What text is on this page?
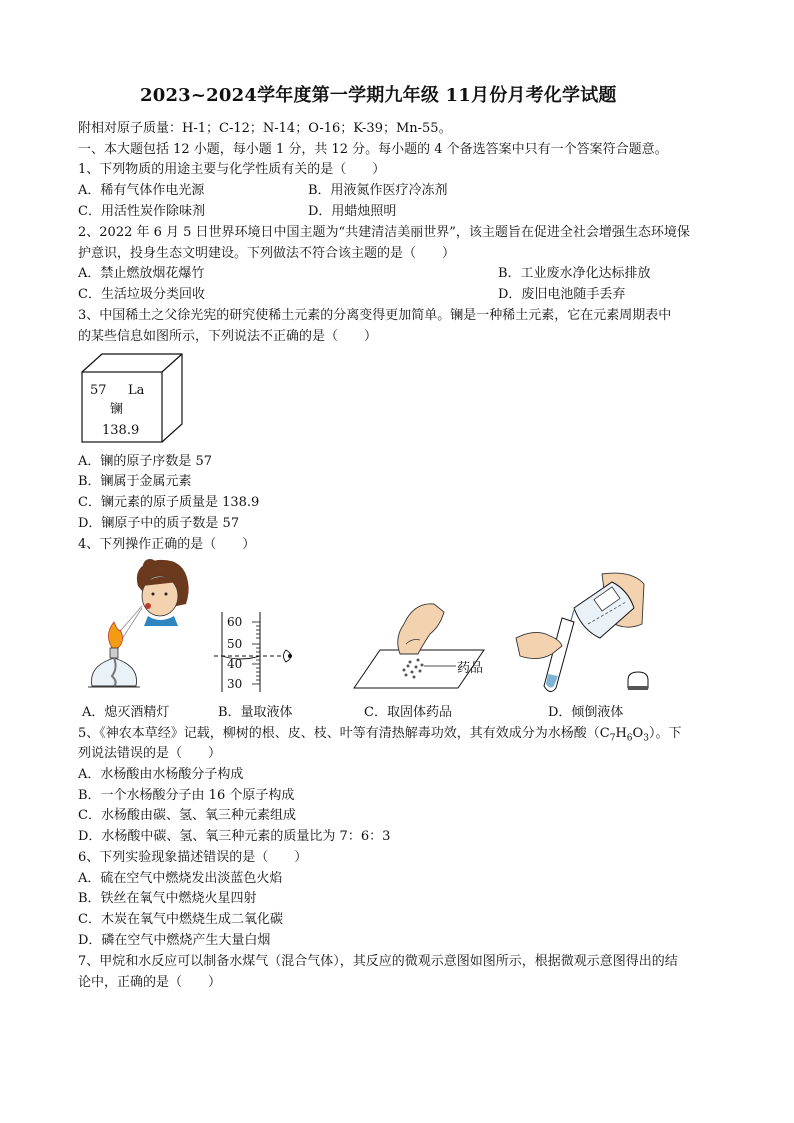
2023~2024学年度第一学期九年级 11月份月考化学试题
附相对原子质量：H-1；C-12；N-14；O-16；K-39；Mn-55。
一、本大题包括 12 小题，每小题 1 分，共 12 分。每小题的 4 个备选答案中只有一个答案符合题意。
1、下列物质的用途主要与化学性质有关的是（　　）
A．稀有气体作电光源	B．用液氮作医疗冷冻剂
C．用活性炭作除味剂	D．用蜡烛照明
2、2022 年 6 月 5 日世界环境日中国主题为“共建清洁美丽世界”，该主题旨在促进全社会增强生态环境保
护意识，投身生态文明建设。下列做法不符合该主题的是（　　）
A．禁止燃放烟花爆竹	B．工业废水净化达标排放
C．生活垃圾分类回收	D．废旧电池随手丢弃
3、中国稀土之父徐光宪的研究使稀土元素的分离变得更加简单。镧是一种稀土元素，它在元素周期表中
的某些信息如图所示，下列说法不正确的是（　　）
57 La
镧
138.9
A．镧的原子序数是 57
B．镧属于金属元素
C．镧元素的原子质量是 138.9
D．镧原子中的质子数是 57
4、下列操作正确的是（　　）
A．熄灭酒精灯
60
50
40
30
B．量取液体
药品
C．取固体药品	D．倾倒液体
5、《神农本草经》记载，柳树的根、皮、枝、叶等有清热解毒功效，其有效成分为水杨酸$(C_7H_6O_3)$。下
列说法错误的是（　　）
A．水杨酸由水杨酸分子构成
B．一个水杨酸分子由 16 个原子构成
C．水杨酸由碳、氢、氧三种元素组成
D．水杨酸中碳、氢、氧三种元素的质量比为 7：6：3
6、下列实验现象描述错误的是（　　）
A．硫在空气中燃烧发出淡蓝色火焰
B．铁丝在氧气中燃烧火星四射
C．木炭在氧气中燃烧生成二氧化碳
D．磷在空气中燃烧产生大量白烟
7、甲烷和水反应可以制备水煤气（混合气体），其反应的微观示意图如图所示，根据微观示意图得出的结
论中，正确的是（　　）
